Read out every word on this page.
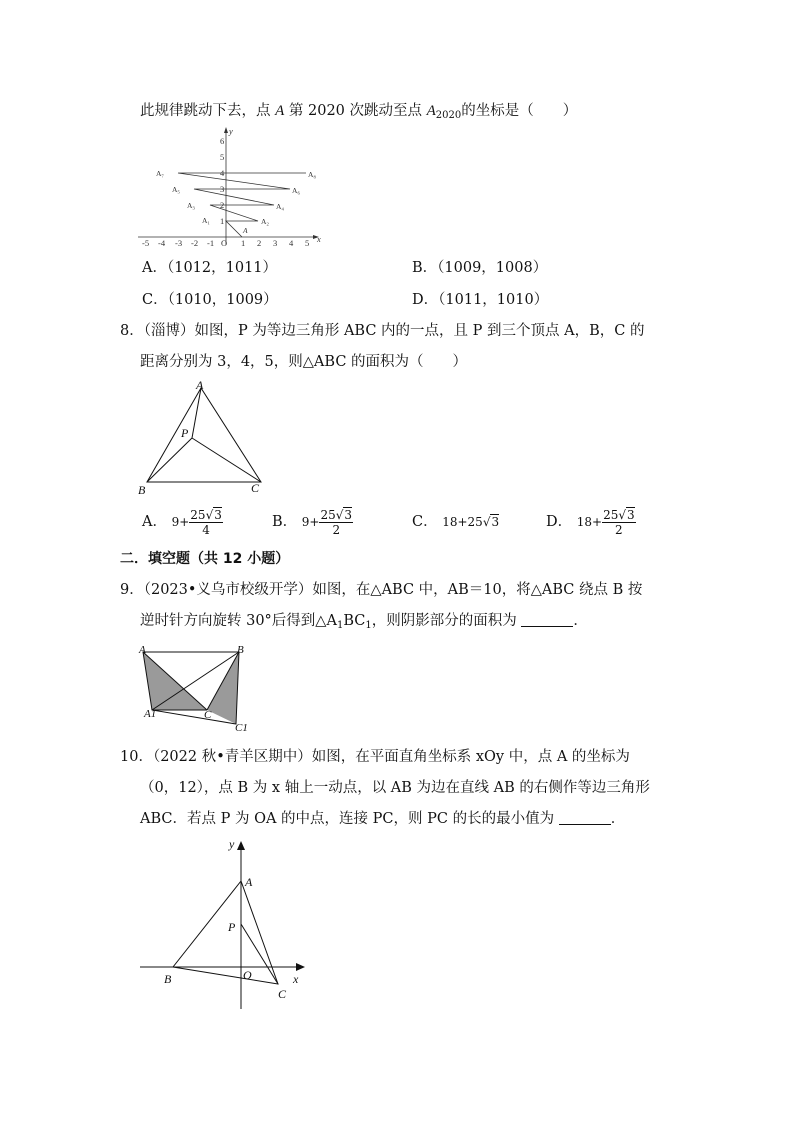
此规律跳动下去，点 A 第 2020 次跳动至点 $A_{2020}$的坐标是（　　）
-5 -4 -3 -2 -1 O 1 2 3 4 5 x
1
2
3
4
5
6
y
A
A₁	A₂
A₃	A₄
A₅	A₆
A₇	A₈
A．（1012，1011）	B．（1009，1008）
C．（1010，1009）	D．（1011，1010）
8．（淄博）如图，P 为等边三角形 ABC 内的一点，且 P 到三个顶点 A，B，C 的
距离分别为 3，4，5，则△ABC 的面积为（　　）
A
B	C
P
A． $9+ \frac{25√3}{4}$	B． $9+ \frac{25√3}{2}$	C． 18+25√3	D． $18+ \frac{25√3}{2}$
二．填空题（共 12 小题）
9．（2023•义乌市校级开学）如图，在△ABC 中，AB＝10，将△ABC 绕点 B 按
逆时针方向旋转 30°后得到$\triangle A_1BC_1$，则阴影部分的面积为	．
A	B
A1	C
C1
10．（2022 秋•青羊区期中）如图，在平面直角坐标系 xOy 中，点 A 的坐标为
（0，12），点 B 为 x 轴上一动点，以 AB 为边在直线 AB 的右侧作等边三角形
ABC．若点 P 为 OA 的中点，连接 PC，则 PC 的长的最小值为	．
y
x
A
P
B	O
C
